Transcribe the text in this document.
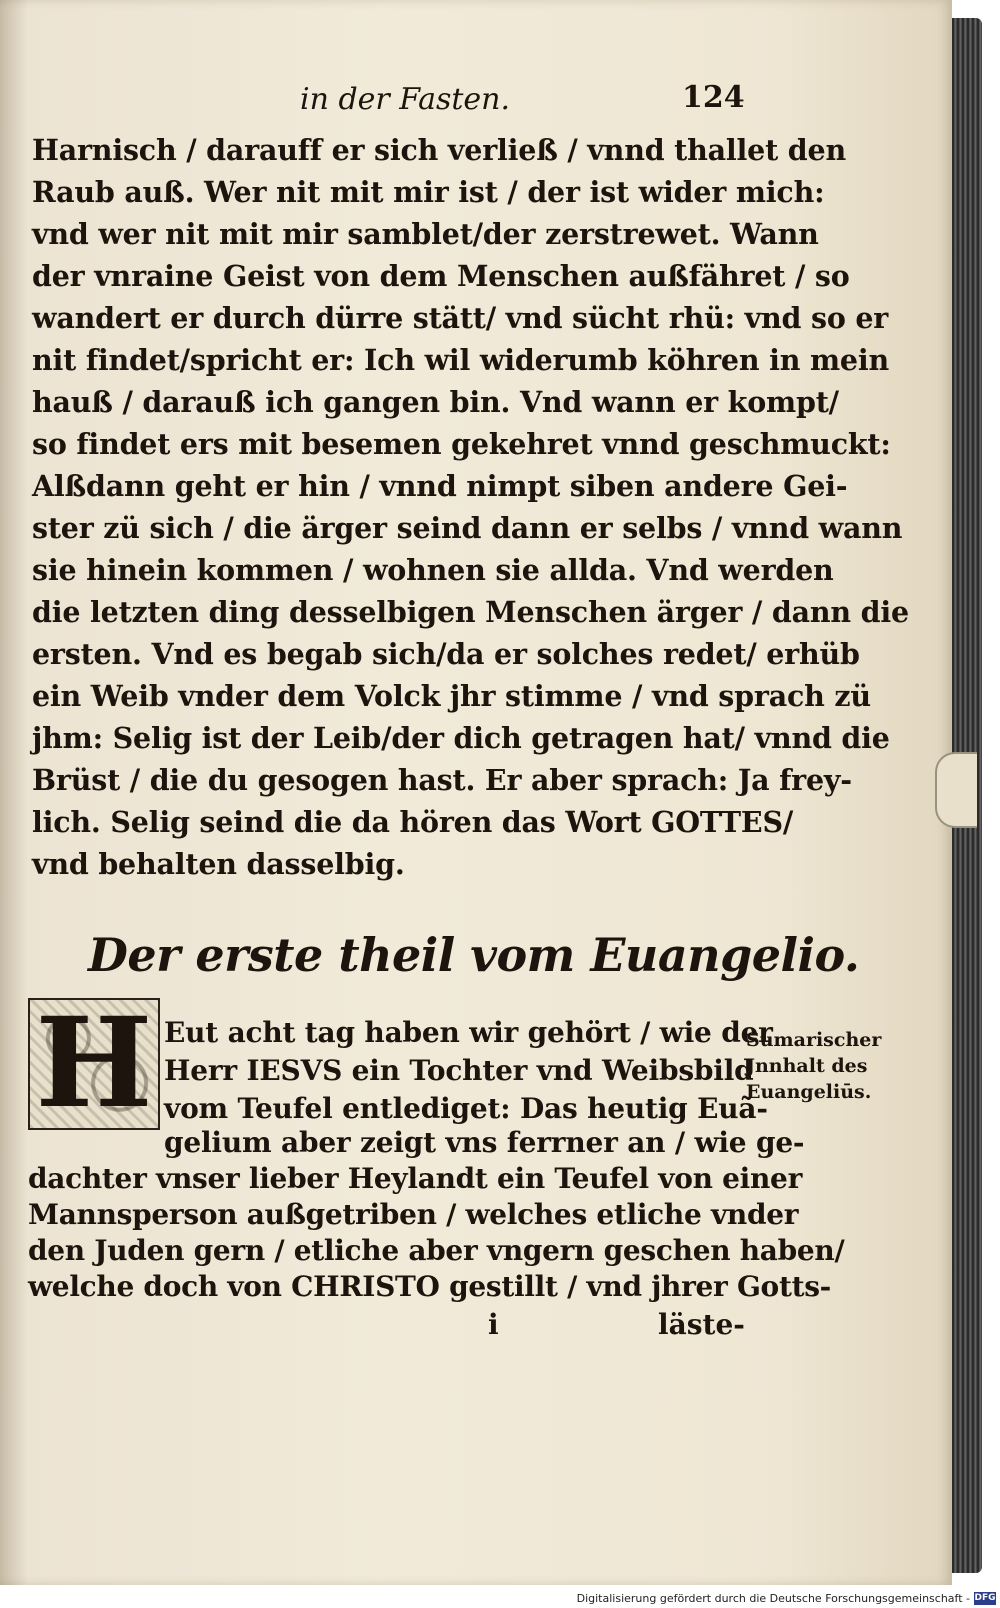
in der Fasten.	124
Harnisch / darauff er sich verließ / vnnd thallet den
Raub auß. Wer nit mit mir ist / der ist wider mich:
vnd wer nit mit mir samblet/der zerstrewet. Wann
der vnraine Geist von dem Menschen außfähret / so
wandert er durch dürre stätt/ vnd sücht rhü: vnd so er
nit findet/spricht er: Ich wil widerumb köhren in mein
hauß / darauß ich gangen bin. Vnd wann er kompt/
so findet ers mit besemen gekehret vnnd geschmuckt:
Alßdann geht er hin / vnnd nimpt siben andere Gei-
ster zü sich / die ärger seind dann er selbs / vnnd wann
sie hinein kommen / wohnen sie allda. Vnd werden
die letzten ding desselbigen Menschen ärger / dann die
ersten. Vnd es begab sich/da er solches redet/ erhüb
ein Weib vnder dem Volck jhr stimme / vnd sprach zü
jhm: Selig ist der Leib/der dich getragen hat/ vnnd die
Brüst / die du gesogen hast. Er aber sprach: Ja frey-
lich. Selig seind die da hören das Wort GOTTES/
vnd behalten dasselbig.
Der erste theil vom Euangelio.
H Eut acht tag haben wir gehört / wie der
Herr IESVS ein Tochter vnd Weibsbild
vom Teufel entlediget: Das heutig Euã-
gelium aber zeigt vns ferrner an / wie ge-
dachter vnser lieber Heylandt ein Teufel von einer
Mannsperson außgetriben / welches etliche vnder
den Juden gern / etliche aber vngern geschen haben/
welche doch von CHRISTO gestillt / vnd jhrer Gotts-
i	läste-
Sumarischer
Jnnhalt des
Euangeliūs.
Digitalisierung gefördert durch die Deutsche Forschungsgemeinschaft - DFG
